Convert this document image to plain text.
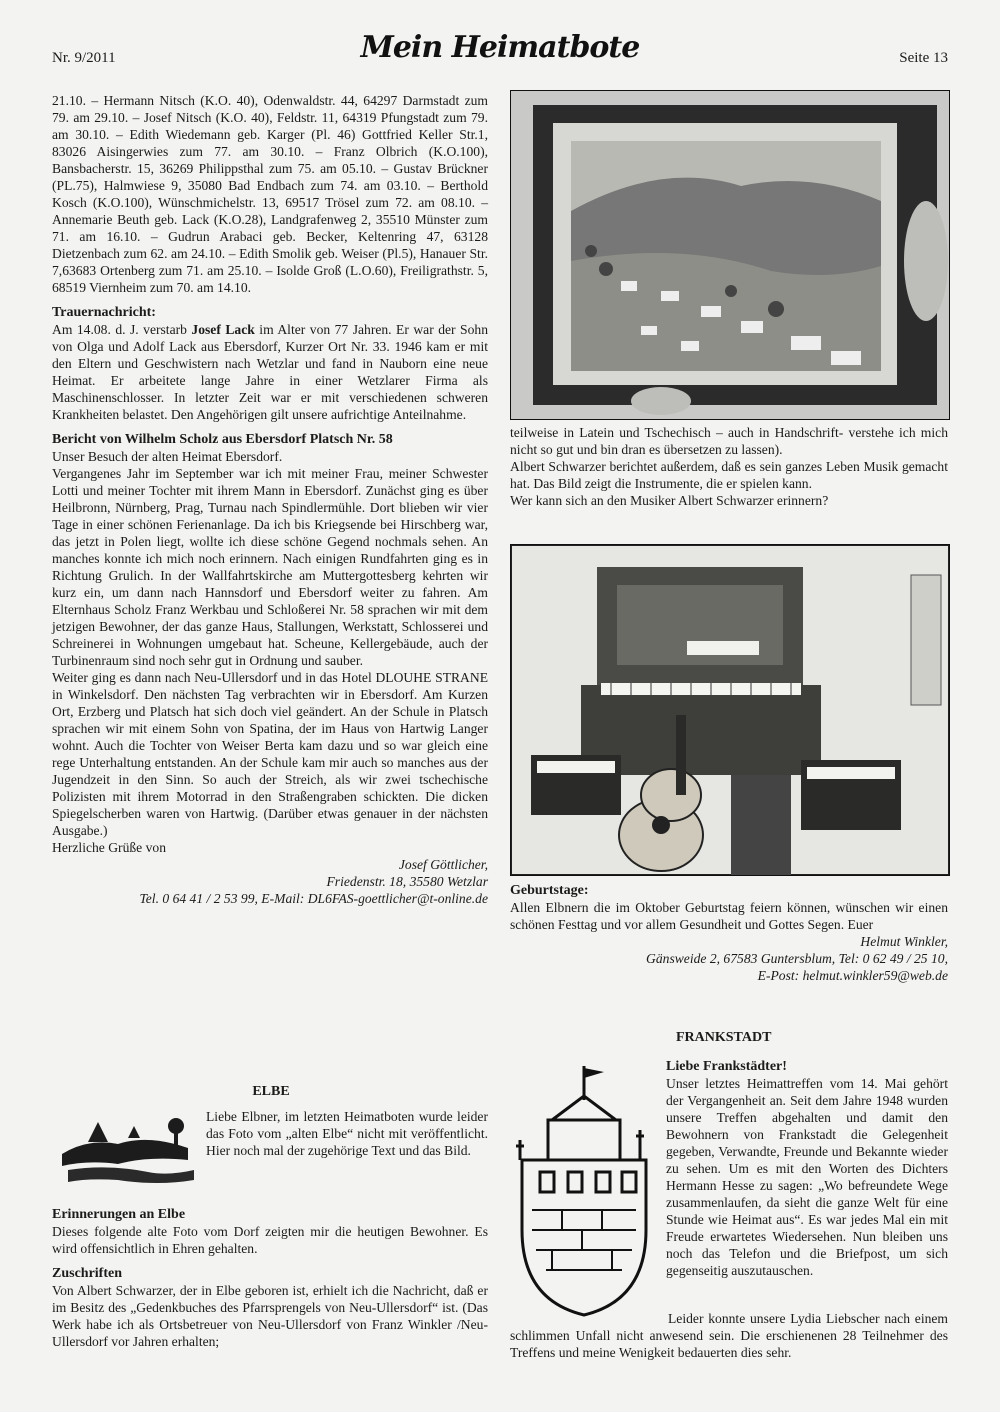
Nr. 9/2011	Mein Heimatbote	Seite 13

21.10. – Hermann Nitsch (K.O. 40), Odenwaldstr. 44, 64297 Darmstadt zum 79. am 29.10. – Josef Nitsch (K.O. 40), Feldstr. 11, 64319 Pfungstadt zum 79. am 30.10. – Edith Wiedemann geb. Karger (Pl. 46) Gottfried Keller Str.1, 83026 Aisingerwies zum 77. am 30.10. – Franz Olbrich (K.O.100), Bansbacherstr. 15, 36269 Philippsthal zum 75. am 05.10. – Gustav Brückner (PL.75), Halmwiese 9, 35080 Bad Endbach zum 74. am 03.10. – Berthold Kosch (K.O.100), Wünschmichelstr. 13, 69517 Trösel zum 72. am 08.10. – Annemarie Beuth geb. Lack (K.O.28), Landgrafenweg 2, 35510 Münster zum 71. am 16.10. – Gudrun Arabaci geb. Becker, Keltenring 47, 63128 Dietzenbach zum 62. am 24.10. – Edith Smolik geb. Weiser (Pl.5), Hanauer Str. 7,63683 Ortenberg zum 71. am 25.10. – Isolde Groß (L.O.60), Freiligrathstr. 5, 68519 Viernheim zum 70. am 14.10.

Trauernachricht:

Am 14.08. d. J. verstarb Josef Lack im Alter von 77 Jahren. Er war der Sohn von Olga und Adolf Lack aus Ebersdorf, Kurzer Ort Nr. 33. 1946 kam er mit den Eltern und Geschwistern nach Wetzlar und fand in Nauborn eine neue Heimat. Er arbeitete lange Jahre in einer Wetzlarer Firma als Maschinenschlosser. In letzter Zeit war er mit verschiedenen schweren Krankheiten belastet. Den Angehörigen gilt unsere aufrichtige Anteilnahme.

Bericht von Wilhelm Scholz aus Ebersdorf Platsch Nr. 58

Unser Besuch der alten Heimat Ebersdorf.

Vergangenes Jahr im September war ich mit meiner Frau, meiner Schwester Lotti und meiner Tochter mit ihrem Mann in Ebersdorf. Zunächst ging es über Heilbronn, Nürnberg, Prag, Turnau nach Spindlermühle. Dort blieben wir vier Tage in einer schönen Ferienanlage. Da ich bis Kriegsende bei Hirschberg war, das jetzt in Polen liegt, wollte ich diese schöne Gegend nochmals sehen. An manches konnte ich mich noch erinnern. Nach einigen Rundfahrten ging es in Richtung Grulich. In der Wallfahrtskirche am Muttergottesberg kehrten wir kurz ein, um dann nach Hannsdorf und Ebersdorf weiter zu fahren. Am Elternhaus Scholz Franz Werkbau und Schloßerei Nr. 58 sprachen wir mit dem jetzigen Bewohner, der das ganze Haus, Stallungen, Werkstatt, Schlosserei und Schreinerei in Wohnungen umgebaut hat. Scheune, Kellergebäude, auch der Turbinenraum sind noch sehr gut in Ordnung und sauber.

Weiter ging es dann nach Neu-Ullersdorf und in das Hotel DLOUHE STRANE in Winkelsdorf. Den nächsten Tag verbrachten wir in Ebersdorf. Am Kurzen Ort, Erzberg und Platsch hat sich doch viel geändert. An der Schule in Platsch sprachen wir mit einem Sohn von Spatina, der im Haus von Hartwig Langer wohnt. Auch die Tochter von Weiser Berta kam dazu und so war gleich eine rege Unterhaltung entstanden. An der Schule kam mir auch so manches aus der Jugendzeit in den Sinn. So auch der Streich, als wir zwei tschechische Polizisten mit ihrem Motorrad in den Straßengraben schickten. Die dicken Spiegelscherben waren von Hartwig. (Darüber etwas genauer in der nächsten Ausgabe.)

Herzliche Grüße von

Josef Göttlicher,

Friedenstr. 18, 35580 Wetzlar

Tel. 0 64 41 / 2 53 99, E-Mail: DL6FAS-goettlicher@t-online.de

teilweise in Latein und Tschechisch – auch in Handschrift- verstehe ich mich nicht so gut und bin dran es übersetzen zu lassen).

Albert Schwarzer berichtet außerdem, daß es sein ganzes Leben Musik gemacht hat. Das Bild zeigt die Instrumente, die er spielen kann.

Wer kann sich an den Musiker Albert Schwarzer erinnern?

Geburtstage:

Allen Elbnern die im Oktober Geburtstag feiern können, wünschen wir einen schönen Festtag und vor allem Gesundheit und Gottes Segen. Euer

Helmut Winkler,

Gänsweide 2, 67583 Guntersblum, Tel: 0 62 49 / 25 10,

E-Post: helmut.winkler59@web.de

ELBE
Liebe Elbner, im letzten Heimatboten wurde leider das Foto vom „alten Elbe“ nicht mit veröffentlicht. Hier noch mal der zugehörige Text und das Bild.
Erinnerungen an Elbe

Dieses folgende alte Foto vom Dorf zeigten mir die heutigen Bewohner. Es wird offensichtlich in Ehren gehalten.

Zuschriften

Von Albert Schwarzer, der in Elbe geboren ist, erhielt ich die Nachricht, daß er im Besitz des „Gedenkbuches des Pfarrsprengels von Neu-Ullersdorf“ ist. (Das Werk habe ich als Ortsbetreuer von Neu-Ullersdorf von Franz Winkler /Neu-Ullersdorf vor Jahren erhalten;

FRANKSTADT
Liebe Frankstädter!

Unser letztes Heimattreffen vom 14. Mai gehört der Vergangenheit an. Seit dem Jahre 1948 wurden unsere Treffen abgehalten und damit den Bewohnern von Frankstadt die Gelegenheit gegeben, Verwandte, Freunde und Bekannte wieder zu sehen. Um es mit den Worten des Dichters Hermann Hesse zu sagen: „Wo befreundete Wege zusammenlaufen, da sieht die ganze Welt für eine Stunde wie Heimat aus“. Es war jedes Mal ein mit Freude erwartetes Wiedersehen. Nun bleiben uns noch das Telefon und die Briefpost, um sich gegenseitig auszutauschen.

Leider konnte unsere Lydia Liebscher nach einem schlimmen Unfall nicht anwesend sein. Die erschienenen 28 Teilnehmer des Treffens und meine Wenigkeit bedauerten dies sehr.
